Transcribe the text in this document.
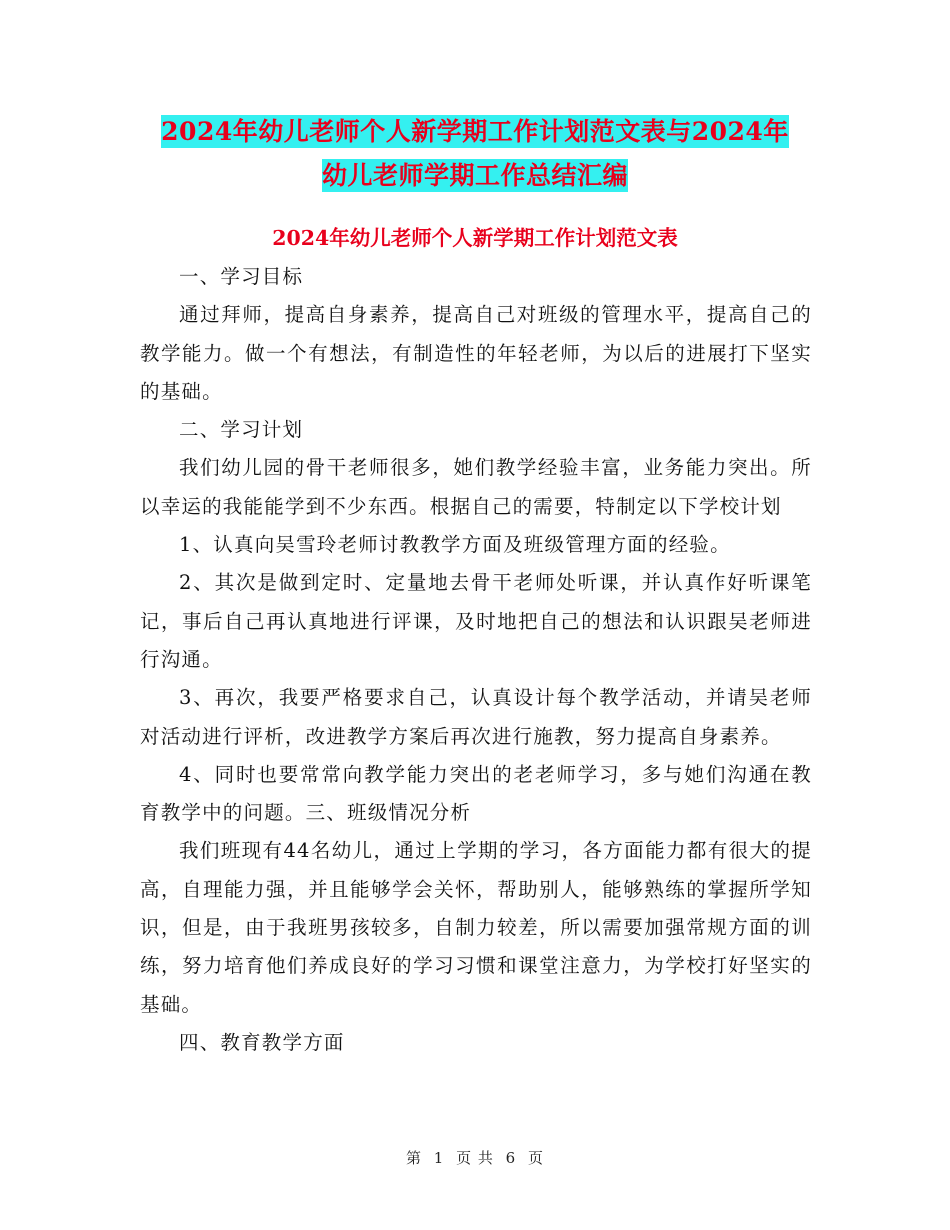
2024年幼儿老师个人新学期工作计划范文表与2024年
幼儿老师学期工作总结汇编
2024年幼儿老师个人新学期工作计划范文表

一、学习目标

通过拜师，提高自身素养，提高自己对班级的管理水平，提高自己的教学能力。做一个有想法，有制造性的年轻老师，为以后的进展打下坚实的基础。

二、学习计划

我们幼儿园的骨干老师很多，她们教学经验丰富，业务能力突出。所以幸运的我能能学到不少东西。根据自己的需要，特制定以下学校计划

1、认真向吴雪玲老师讨教教学方面及班级管理方面的经验。

2、其次是做到定时、定量地去骨干老师处听课，并认真作好听课笔记，事后自己再认真地进行评课，及时地把自己的想法和认识跟吴老师进行沟通。

3、再次，我要严格要求自己，认真设计每个教学活动，并请吴老师对活动进行评析，改进教学方案后再次进行施教，努力提高自身素养。

4、同时也要常常向教学能力突出的老老师学习，多与她们沟通在教育教学中的问题。三、班级情况分析

我们班现有44名幼儿，通过上学期的学习，各方面能力都有很大的提高，自理能力强，并且能够学会关怀，帮助别人，能够熟练的掌握所学知识，但是，由于我班男孩较多，自制力较差，所以需要加强常规方面的训练，努力培育他们养成良好的学习习惯和课堂注意力，为学校打好坚实的基础。

四、教育教学方面

第 1 页 共 6 页
